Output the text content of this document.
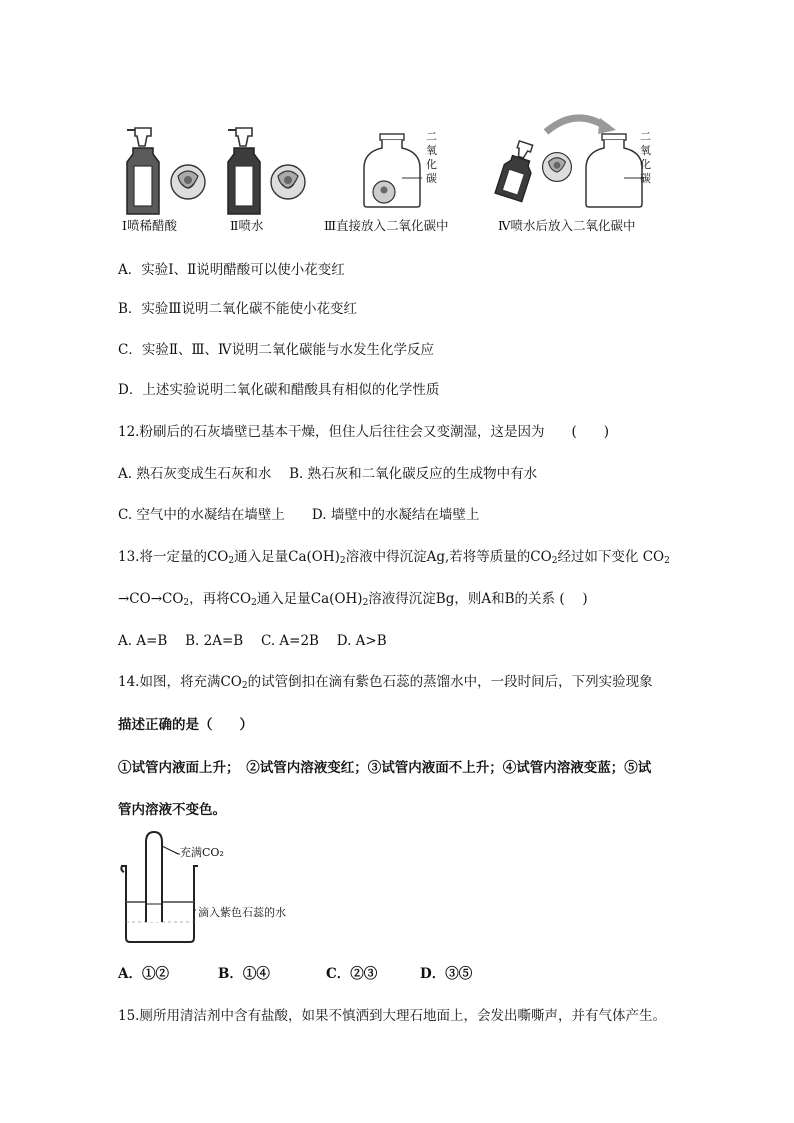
二氧化碳
二氧化碳
Ⅰ喷稀醋酸	Ⅱ喷水	Ⅲ直接放入二氧化碳中	Ⅳ喷水后放入二氧化碳中
A．实验Ⅰ、Ⅱ说明醋酸可以使小花变红
B．实验Ⅲ说明二氧化碳不能使小花变红
C．实验Ⅱ、Ⅲ、Ⅳ说明二氧化碳能与水发生化学反应
D．上述实验说明二氧化碳和醋酸具有相似的化学性质
12.粉刷后的石灰墙壁已基本干燥，但住人后往往会又变潮湿，这是因为　　(　　)
A. 熟石灰变成生石灰和水　 B. 熟石灰和二氧化碳反应的生成物中有水
C. 空气中的水凝结在墙壁上　　D. 墙壁中的水凝结在墙壁上
13.将一定量的$CO_2$通入足量$Ca(OH)_2$溶液中得沉淀Ag,若将等质量的$CO_2$经过如下变化 $CO_2$
$\to CO\to CO_2$，再将$CO_2$通入足量$Ca(OH)_2$溶液得沉淀Bg，则A和B的关系 (　 )
A. A=B　 B. 2A=B　 C. A=2B　 D. A>B
14.如图，将充满$CO_2$的试管倒扣在滴有紫色石蕊的蒸馏水中，一段时间后，下列实验现象
描述正确的是（　　）
①试管内液面上升；　②试管内溶液变红；③试管内液面不上升；④试管内溶液变蓝；⑤试
管内溶液不变色。
充满CO₂
滴入紫色石蕊的水
A．①②	B．①④	C．②③	D．③⑤
15.厕所用清洁剂中含有盐酸，如果不慎洒到大理石地面上，会发出嘶嘶声，并有气体产生。
